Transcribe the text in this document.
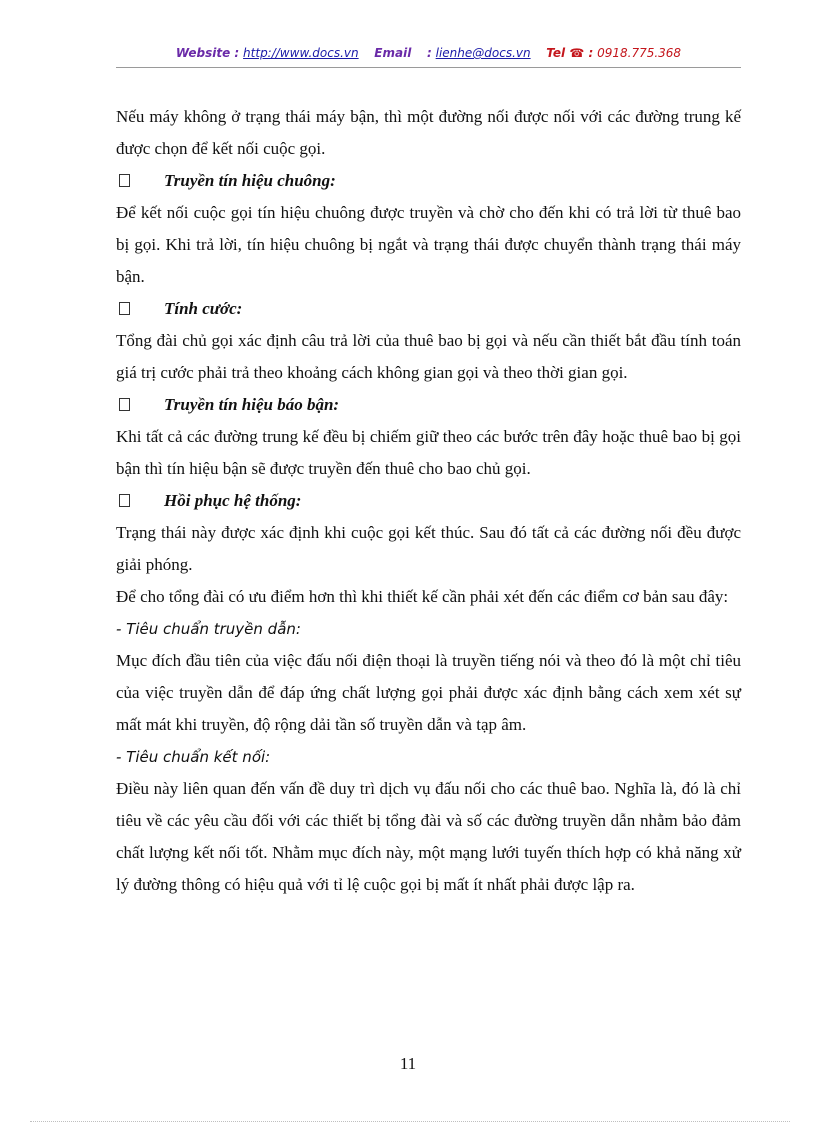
Website : http://www.docs.vn Email : lienhe@docs.vn Tel ☎ : 0918.775.368

Nếu máy không ở trạng thái máy bận, thì một đường nối được nối với các đường trung kế được chọn để kết nối cuộc gọi.

Truyền tín hiệu chuông:

Để kết nối cuộc gọi tín hiệu chuông được truyền và chờ cho đến khi có trả lời từ thuê bao bị gọi. Khi trả lời, tín hiệu chuông bị ngắt và trạng thái được chuyển thành trạng thái máy bận.

Tính cước:

Tổng đài chủ gọi xác định câu trả lời của thuê bao bị gọi và nếu cần thiết bắt đầu tính toán giá trị cước phải trả theo khoảng cách không gian gọi và theo thời gian gọi.

Truyền tín hiệu báo bận:

Khi tất cả các đường trung kế đều bị chiếm giữ theo các bước trên đây hoặc thuê bao bị gọi bận thì tín hiệu bận sẽ được truyền đến thuê cho bao chủ gọi.

Hồi phục hệ thống:

Trạng thái này được xác định khi cuộc gọi kết thúc. Sau đó tất cả các đường nối đều được giải phóng.

Để cho tổng đài có ưu điểm hơn thì khi thiết kế cần phải xét đến các điểm cơ bản sau đây:

- Tiêu chuẩn truyền dẫn:

Mục đích đầu tiên của việc đấu nối điện thoại là truyền tiếng nói và theo đó là một chỉ tiêu của việc truyền dẫn để đáp ứng chất lượng gọi phải được xác định bằng cách xem xét sự mất mát khi truyền, độ rộng dải tần số truyền dẫn và tạp âm.

- Tiêu chuẩn kết nối:

Điều này liên quan đến vấn đề duy trì dịch vụ đấu nối cho các thuê bao. Nghĩa là, đó là chỉ tiêu về các yêu cầu đối với các thiết bị tổng đài và số các đường truyền dẫn nhằm bảo đảm chất lượng kết nối tốt. Nhằm mục đích này, một mạng lưới tuyến thích hợp có khả năng xử lý đường thông có hiệu quả với tỉ lệ cuộc gọi bị mất ít nhất phải được lập ra.

11
